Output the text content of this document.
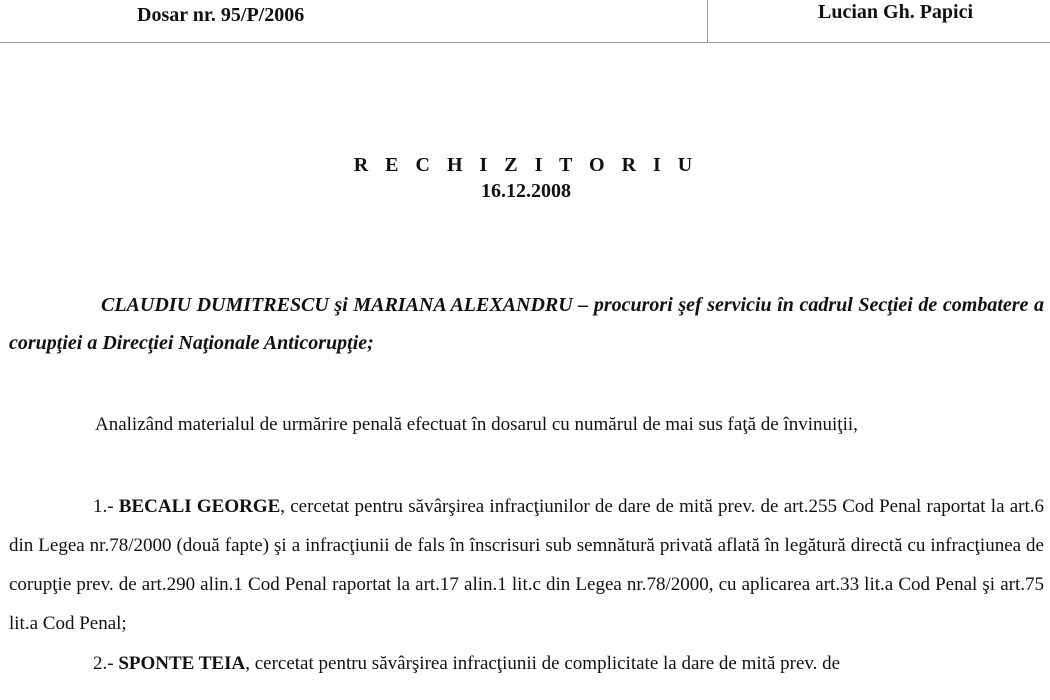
Dosar nr. 95/P/2006	Lucian Gh. Papici
R E C H I Z I T O R I U
16.12.2008

CLAUDIU DUMITRESCU şi MARIANA ALEXANDRU – procurori şef serviciu în cadrul Secţiei de combatere a corupţiei a Direcţiei Naţionale Anticorupţie;

Analizând materialul de urmărire penală efectuat în dosarul cu numărul de mai sus faţă de învinuiţii,

1.- BECALI GEORGE, cercetat pentru săvârşirea infracţiunilor de dare de mită prev. de art.255 Cod Penal raportat la art.6 din Legea nr.78/2000 (două fapte) şi a infracţiunii de fals în înscrisuri sub semnătură privată aflată în legătură directă cu infracţiunea de corupţie prev. de art.290 alin.1 Cod Penal raportat la art.17 alin.1 lit.c din Legea nr.78/2000, cu aplicarea art.33 lit.a Cod Penal şi art.75 lit.a Cod Penal;

2.- SPONTE TEIA, cercetat pentru săvârşirea infracţiunii de complicitate la dare de mită prev. de
